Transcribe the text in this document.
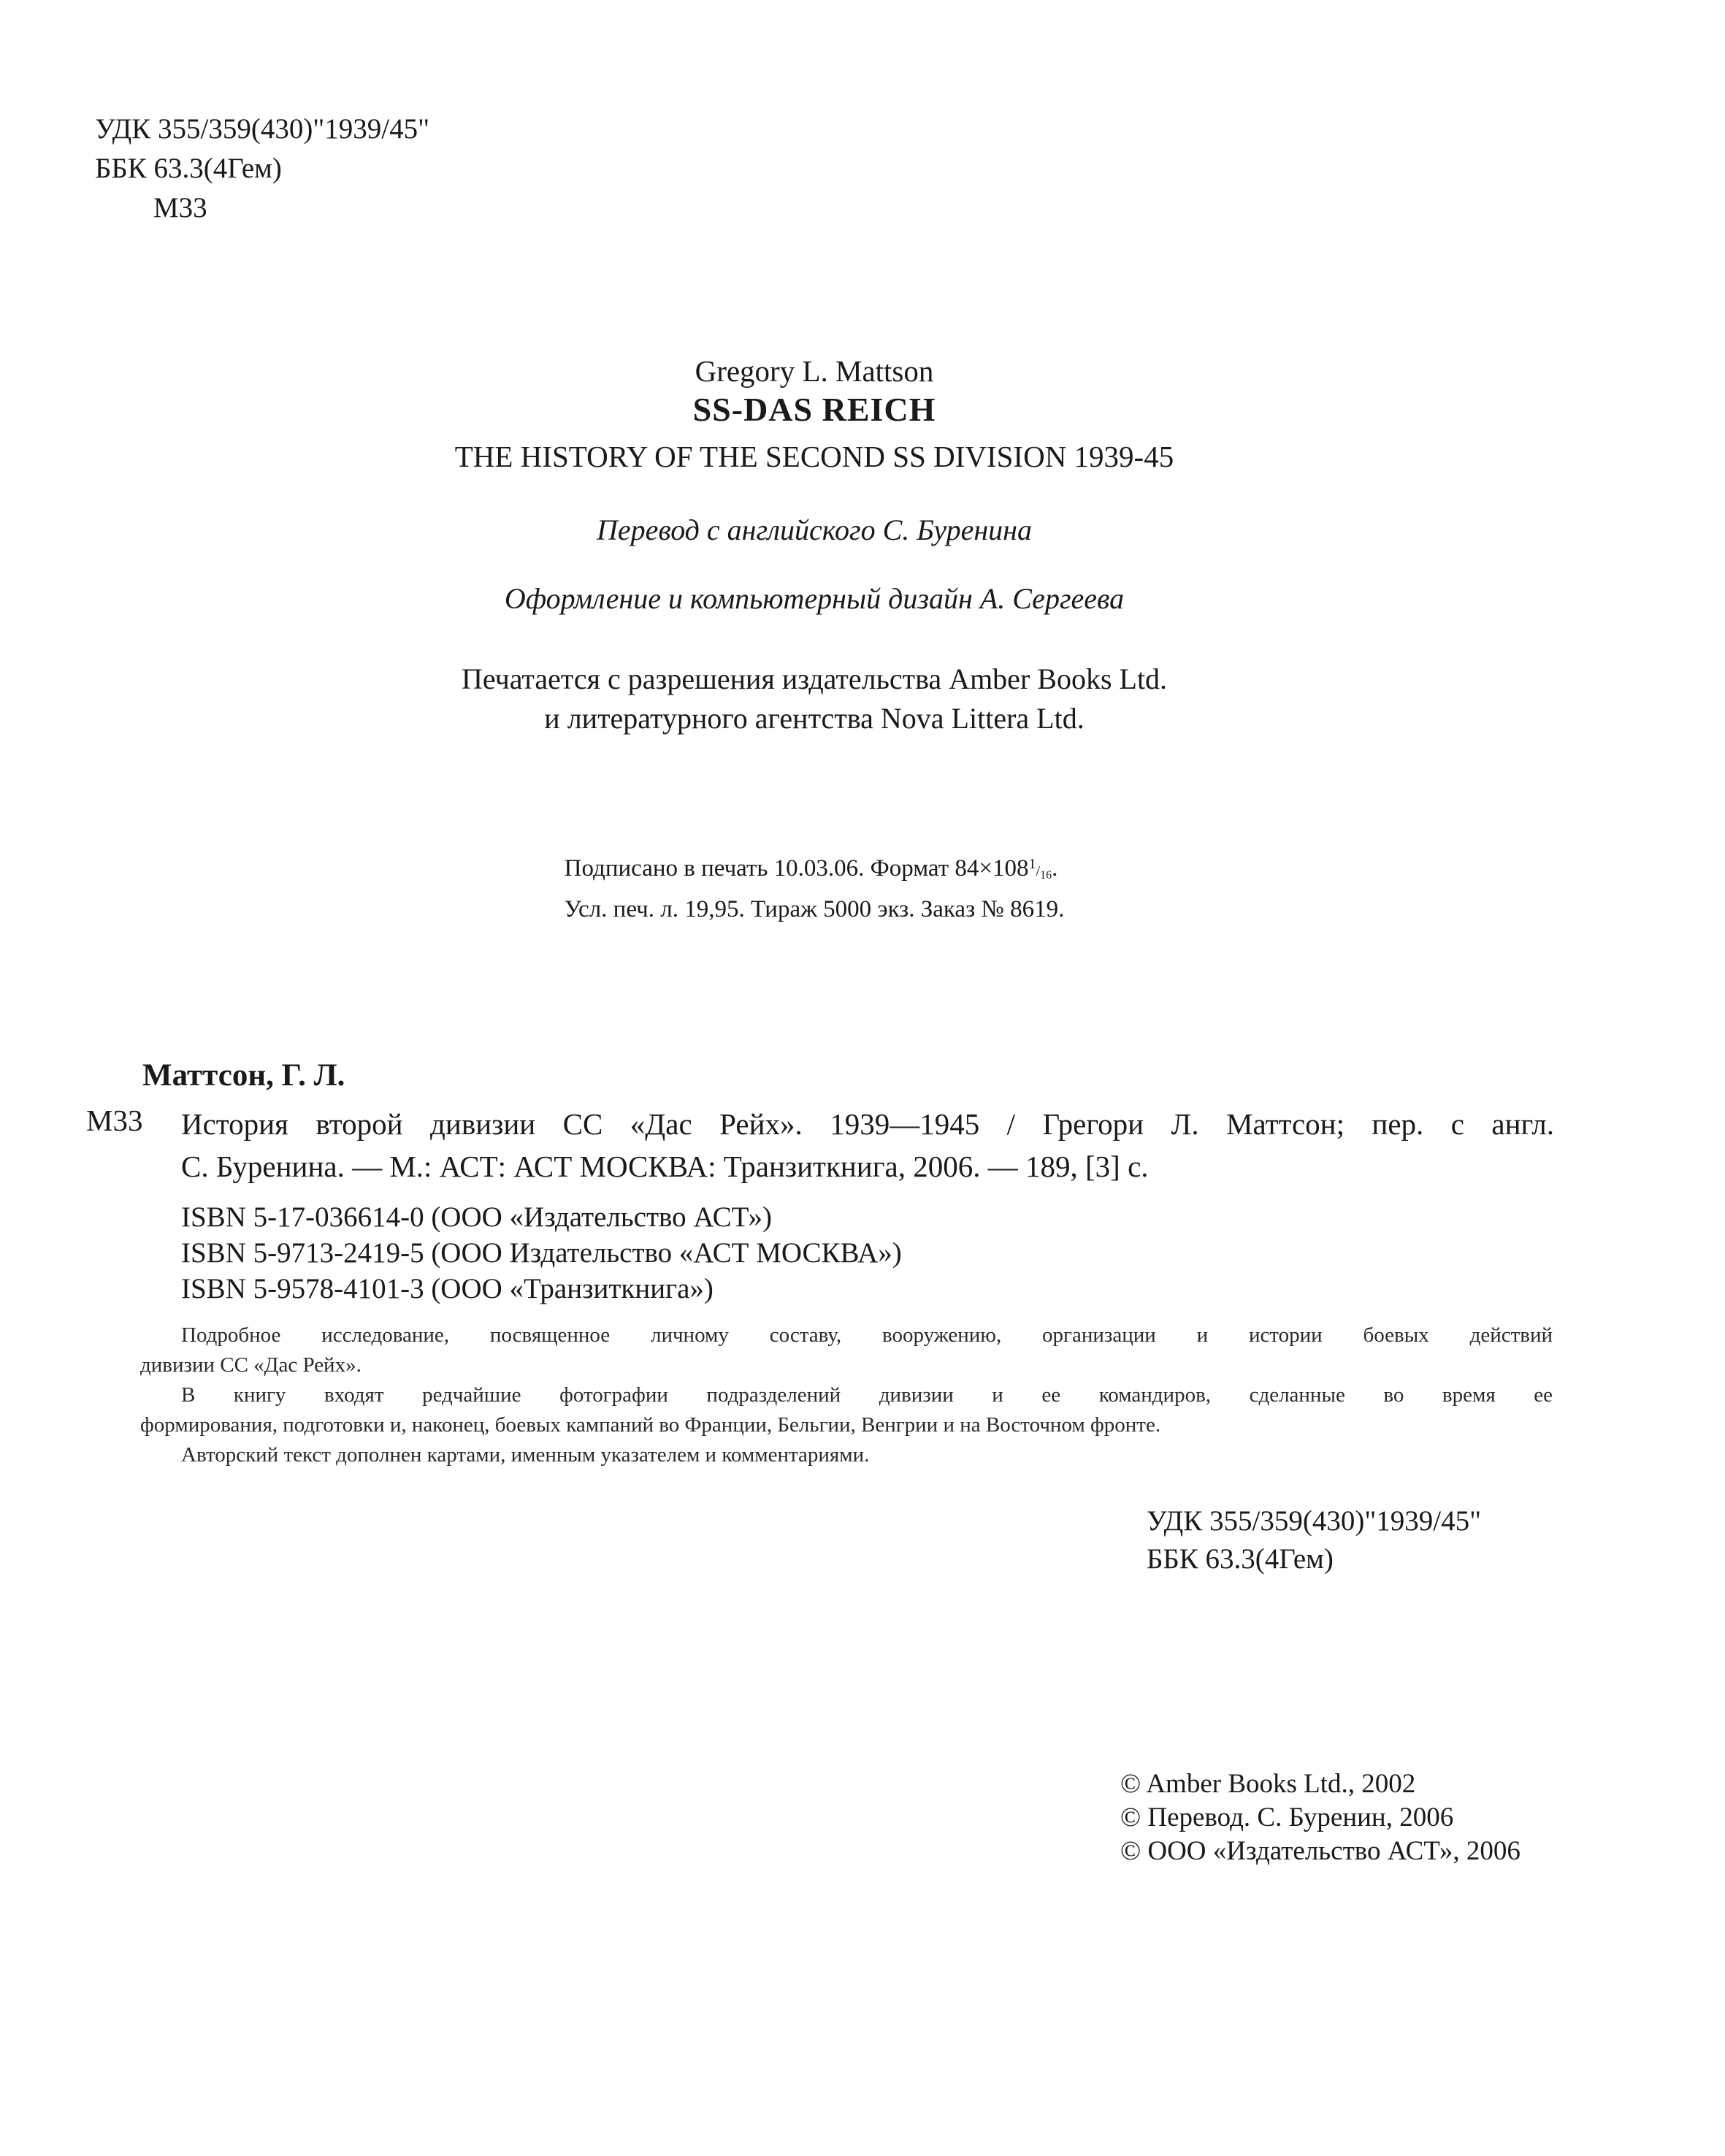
УДК 355/359(430)"1939/45"
ББК 63.3(4Гем)
М33
Gregory L. Mattson
SS-DAS REICH
THE HISTORY OF THE SECOND SS DIVISION 1939-45
Перевод с английского С. Буренина
Оформление и компьютерный дизайн А. Сергеева
Печатается с разрешения издательства Amber Books Ltd.
и литературного агентства Nova Littera Ltd.
Подписано в печать 10.03.06. Формат $84\times 108^1/_{16}$.
Усл. печ. л. 19,95. Тираж 5000 экз. Заказ № 8619.
Маттсон, Г. Л.
М33 История второй дивизии СС «Дас Рейх». 1939—1945 / Грегори Л. Маттсон; пер. с англ.
С. Буренина. — М.: АСТ: АСТ МОСКВА: Транзиткнига, 2006. — 189, [3] с.
ISBN 5-17-036614-0 (ООО «Издательство АСТ»)
ISBN 5-9713-2419-5 (ООО Издательство «АСТ МОСКВА»)
ISBN 5-9578-4101-3 (ООО «Транзиткнига»)

Подробное исследование, посвященное личному составу, вооружению, организации и истории боевых действий

дивизии СС «Дас Рейх».

В книгу входят редчайшие фотографии подразделений дивизии и ее командиров, сделанные во время ее

формирования, подготовки и, наконец, боевых кампаний во Франции, Бельгии, Венгрии и на Восточном фронте.

Авторский текст дополнен картами, именным указателем и комментариями.

УДК 355/359(430)"1939/45"
ББК 63.3(4Гем)
© Amber Books Ltd., 2002
© Перевод. С. Буренин, 2006
© ООО «Издательство АСТ», 2006
